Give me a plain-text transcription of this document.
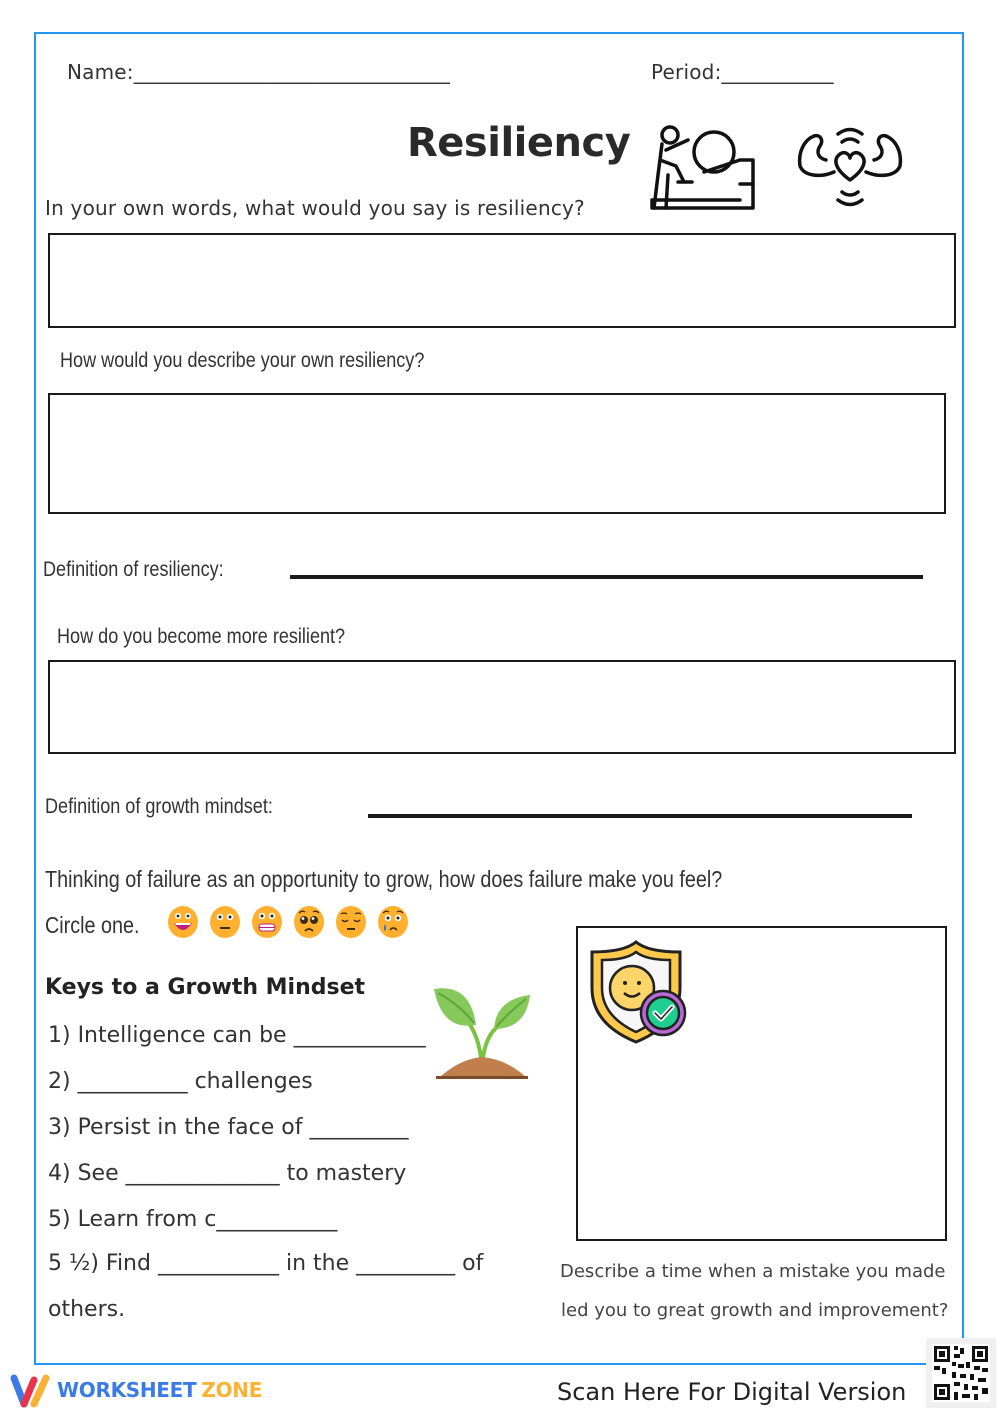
Name:_______________________________	Period:___________
Resiliency
In your own words, what would you say is resiliency?
How would you describe your own resiliency?
Definition of resiliency:
How do you become more resilient?
Definition of growth mindset:
Thinking of failure as an opportunity to grow, how does failure make you feel?
Circle one.
Keys to a Growth Mindset
1) Intelligence can be ____________
2) __________ challenges
3) Persist in the face of _________
4) See ______________ to mastery
5) Learn from c___________
5 ½) Find ___________ in the _________ of
others.
Describe a time when a mistake you made
led you to great growth and improvement?
WORKSHEET ZONE	Scan Here For Digital Version
